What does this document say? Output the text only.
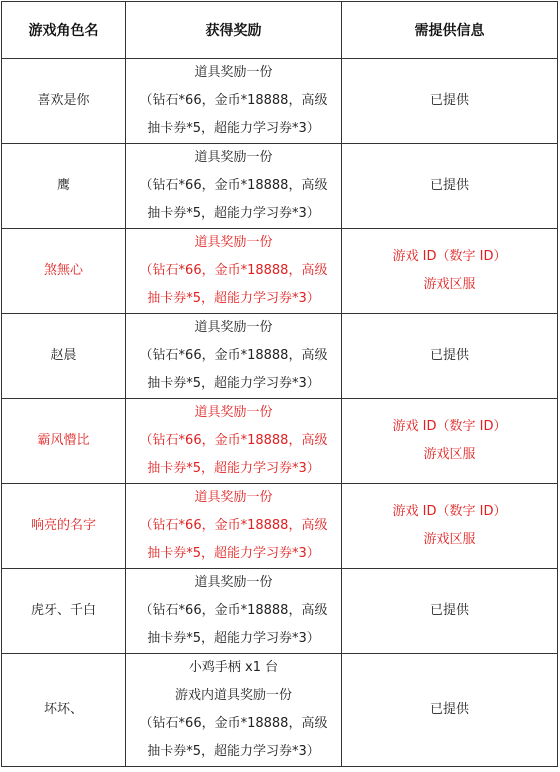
游戏角色名	获得奖励	需提供信息

喜欢是你	道具奖励一份
（钻石*66，金币*18888，高级
抽卡券*5，超能力学习券*3）	已提供

鹰	道具奖励一份
（钻石*66，金币*18888，高级
抽卡券*5，超能力学习券*3）	已提供

煞無心	道具奖励一份
（钻石*66，金币*18888，高级
抽卡券*5，超能力学习券*3）	游戏 ID（数字 ID）
游戏区服

赵晨	道具奖励一份
（钻石*66，金币*18888，高级
抽卡券*5，超能力学习券*3）	已提供

霸风懵比	道具奖励一份
（钻石*66，金币*18888，高级
抽卡券*5，超能力学习券*3）	游戏 ID（数字 ID）
游戏区服

响亮的名字	道具奖励一份
（钻石*66，金币*18888，高级
抽卡券*5，超能力学习券*3）	游戏 ID（数字 ID）
游戏区服

虎牙、千白	道具奖励一份
（钻石*66，金币*18888，高级
抽卡券*5，超能力学习券*3）	已提供

坏坏、	小鸡手柄 x1 台
游戏内道具奖励一份
（钻石*66，金币*18888，高级
抽卡券*5，超能力学习券*3）	已提供
